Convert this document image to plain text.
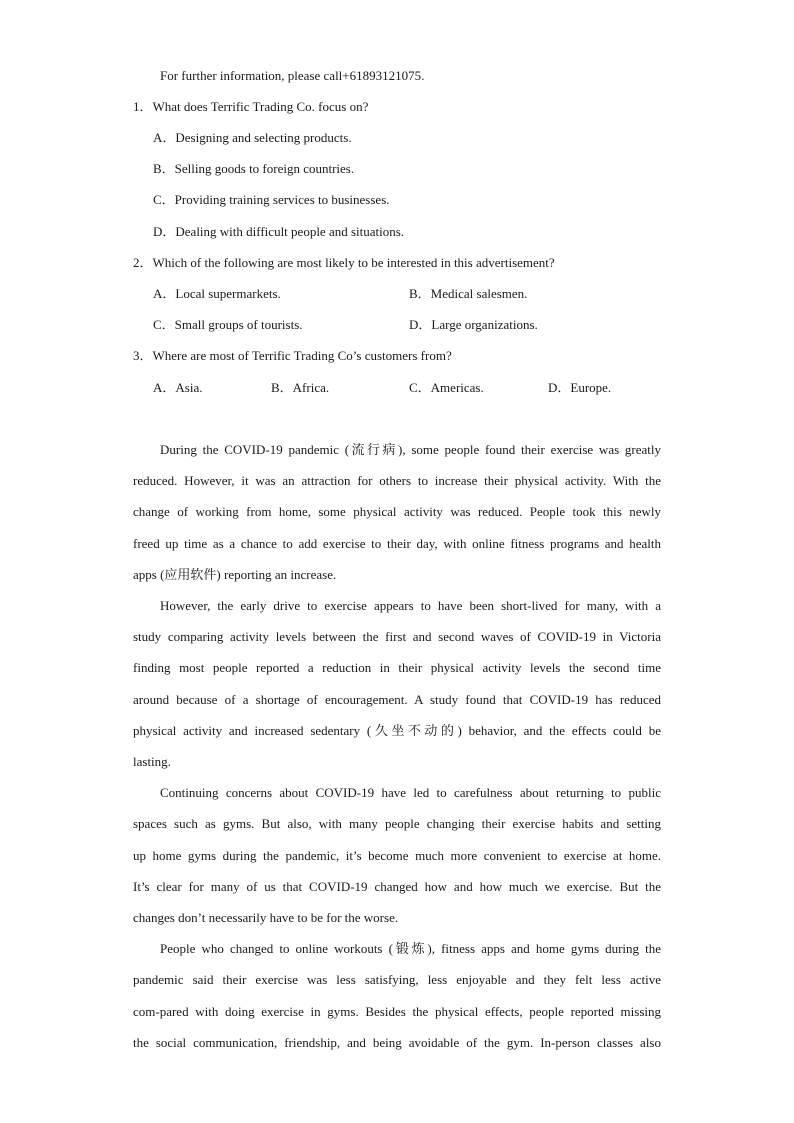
For further information, please call+61893121075.
1．What does Terrific Trading Co. focus on?
A．Designing and selecting products.
B．Selling goods to foreign countries.
C．Providing training services to businesses.
D．Dealing with difficult people and situations.
2．Which of the following are most likely to be interested in this advertisement?
A．Local supermarkets.	B．Medical salesmen.
C．Small groups of tourists.	D．Large organizations.
3．Where are most of Terrific Trading Co’s customers from?
A．Asia.	B．Africa.	C．Americas.	D．Europe.
During the COVID-19 pandemic (流行病), some people found their exercise was greatly
reduced. However, it was an attraction for others to increase their physical activity. With the
change of working from home, some physical activity was reduced. People took this newly
freed up time as a chance to add exercise to their day, with online fitness programs and health
apps (应用软件) reporting an increase.
However, the early drive to exercise appears to have been short-lived for many, with a
study comparing activity levels between the first and second waves of COVID-19 in Victoria
finding most people reported a reduction in their physical activity levels the second time
around because of a shortage of encouragement. A study found that COVID-19 has reduced
physical activity and increased sedentary (久坐不动的) behavior, and the effects could be
lasting.
Continuing concerns about COVID-19 have led to carefulness about returning to public
spaces such as gyms. But also, with many people changing their exercise habits and setting
up home gyms during the pandemic, it’s become much more convenient to exercise at home.
It’s clear for many of us that COVID-19 changed how and how much we exercise. But the
changes don’t necessarily have to be for the worse.
People who changed to online workouts (锻炼), fitness apps and home gyms during the
pandemic said their exercise was less satisfying, less enjoyable and they felt less active
com-pared with doing exercise in gyms. Besides the physical effects, people reported missing
the social communication, friendship, and being avoidable of the gym. In-person classes also
